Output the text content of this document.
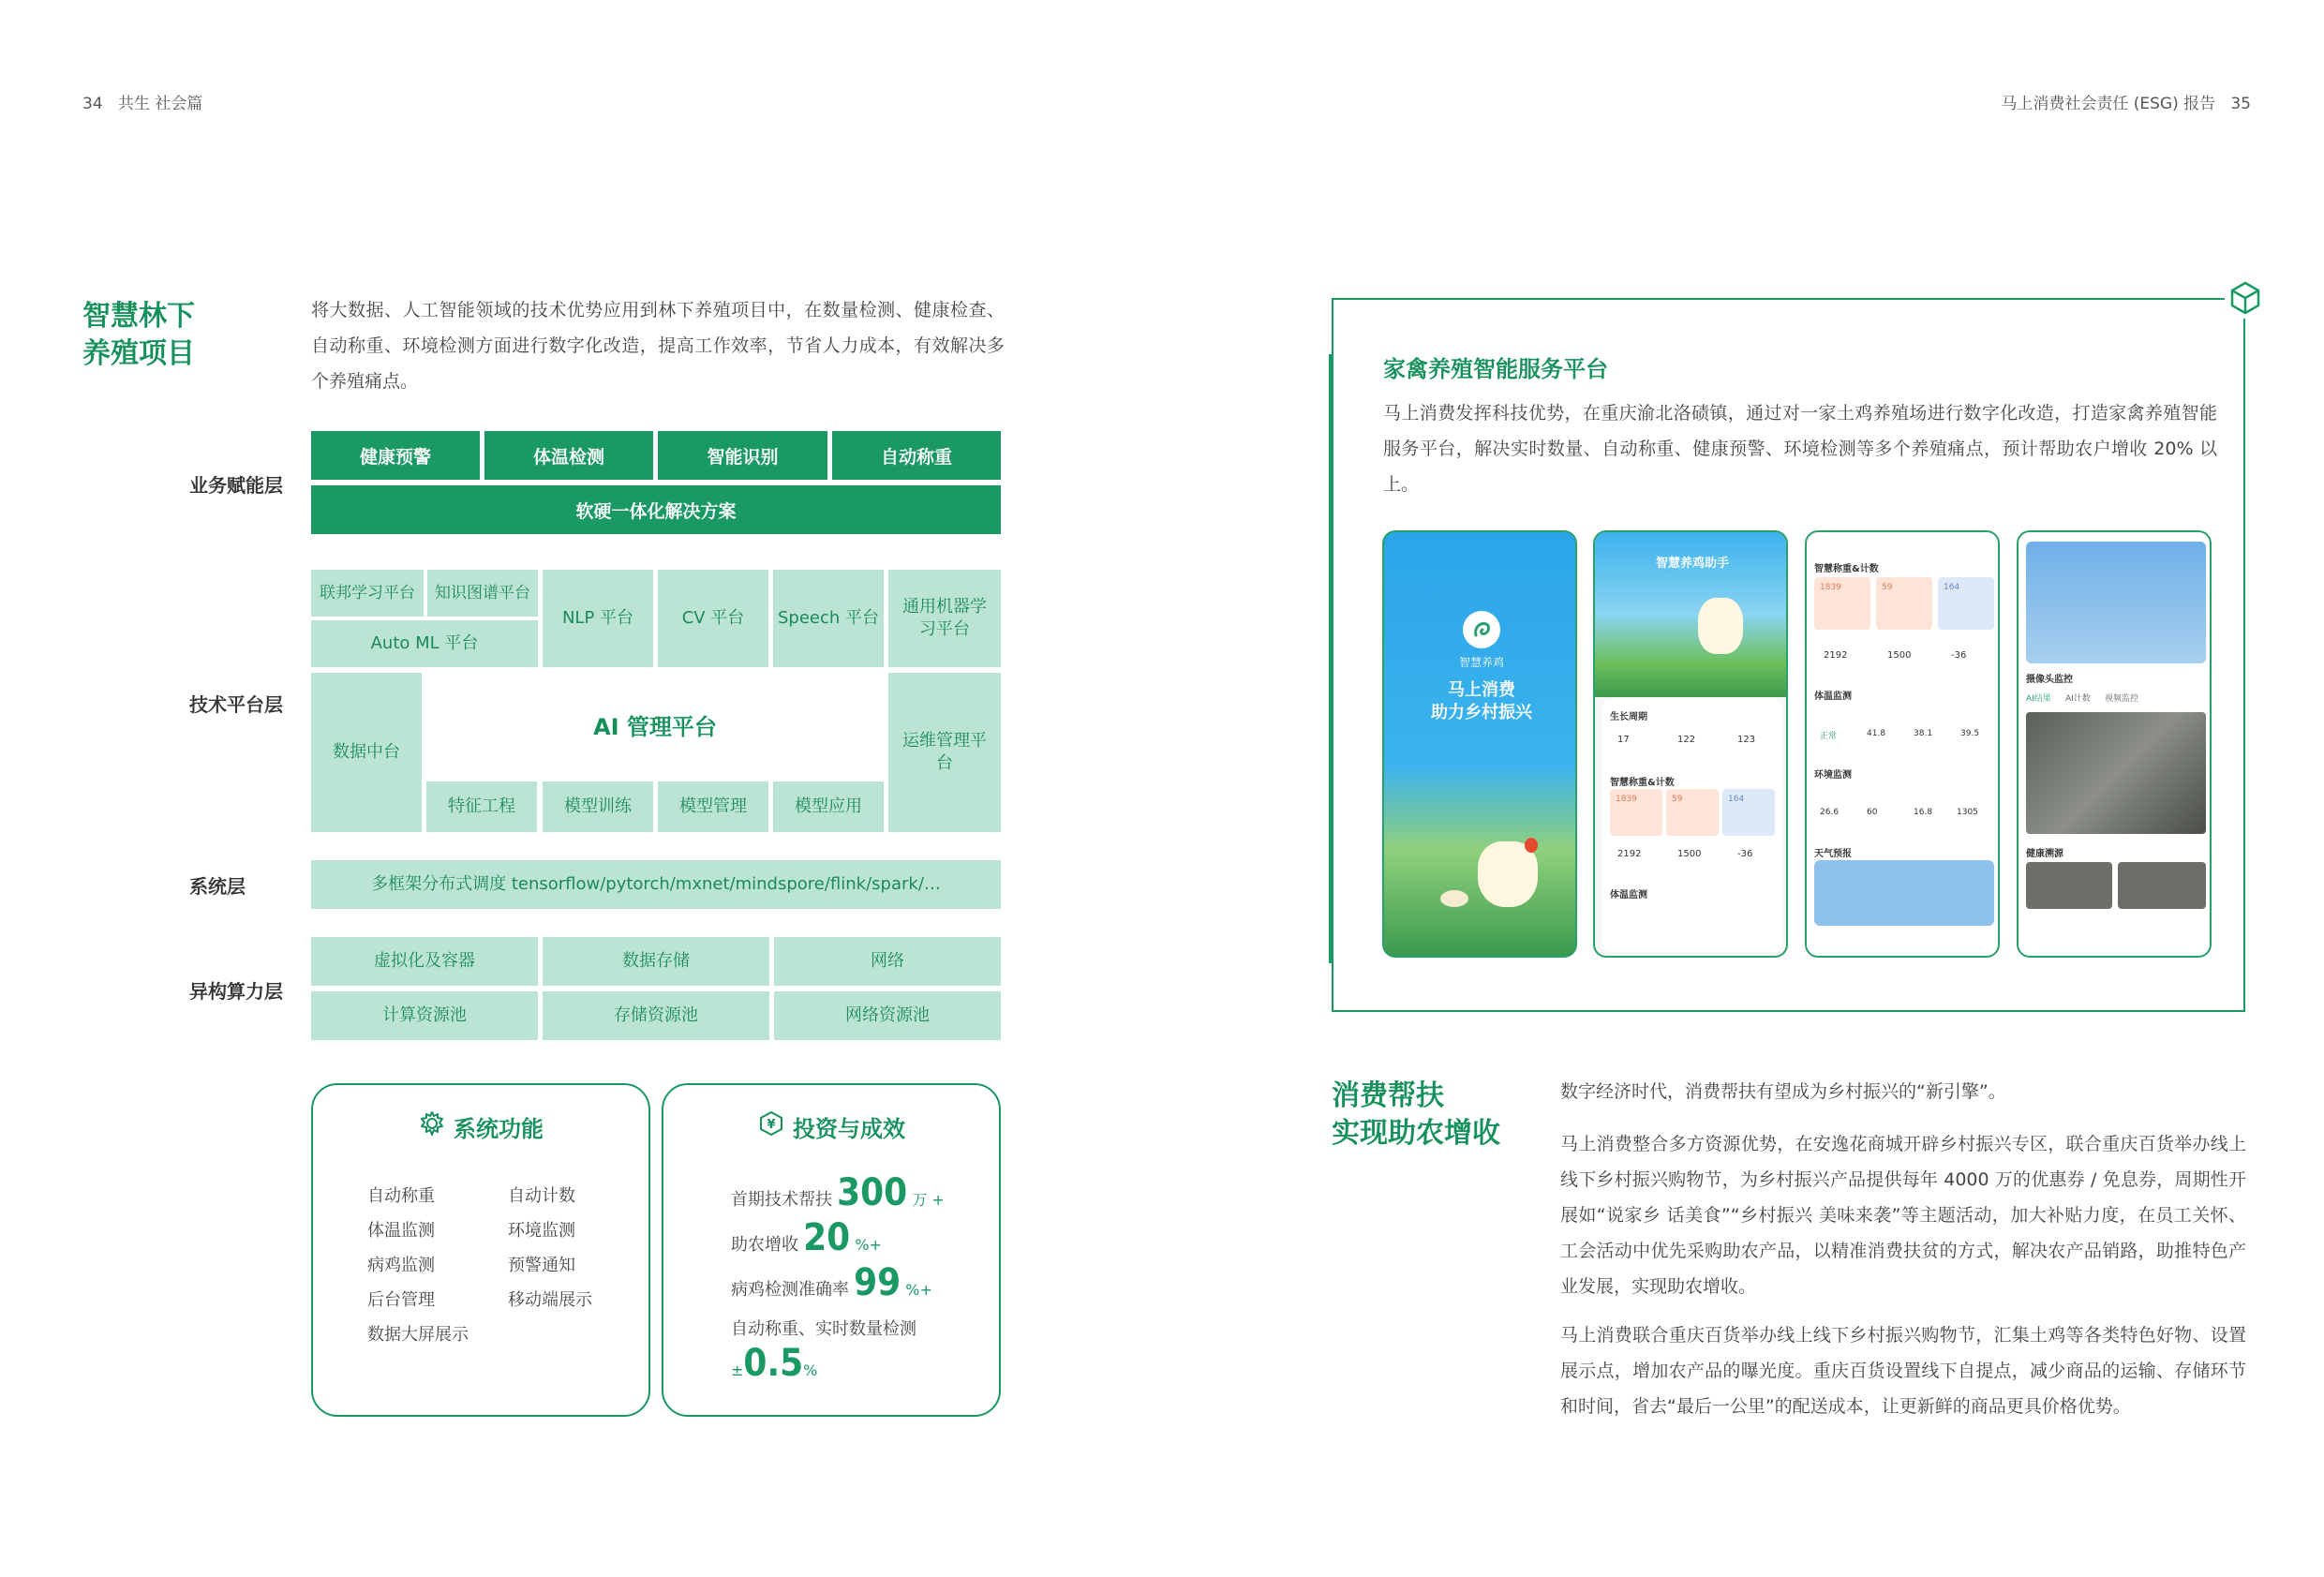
34 共生 社会篇	马上消费社会责任 (ESG) 报告 35
智慧林下
养殖项目
将大数据、人工智能领域的技术优势应用到林下养殖项目中，在数量检测、健康检查、自动称重、环境检测方面进行数字化改造，提高工作效率，节省人力成本，有效解决多个养殖痛点。
业务赋能层
技术平台层
系统层
异构算力层
健康预警	体温检测	智能识别	自动称重
软硬一体化解决方案
联邦学习平台	知识图谱平台
Auto ML 平台
NLP 平台	CV 平台	Speech 平台
通用机器学习平台
数据中台
AI 管理平台
运维管理平台
特征工程	模型训练	模型管理	模型应用
多框架分布式调度 tensorflow/pytorch/mxnet/mindspore/flink/spark/…
虚拟化及容器	数据存储	网络
计算资源池	存储资源池	网络资源池
系统功能
自动称重
体温监测
病鸡监测
后台管理
数据大屏展示
自动计数
环境监测
预警通知
移动端展示
¥ 投资与成效
首期技术帮扶 300 万 +
助农增收 20 %+
病鸡检测准确率 99 %+
自动称重、实时数量检测
±0.5%
家禽养殖智能服务平台
马上消费发挥科技优势，在重庆渝北洛碛镇，通过对一家土鸡养殖场进行数字化改造，打造家禽养殖智能服务平台，解决实时数量、自动称重、健康预警、环境检测等多个养殖痛点，预计帮助农户增收 20% 以上。
智慧养鸡
马上消费
助力乡村振兴
智慧养鸡助手
生长周期
17	122	123
智慧称重&计数
1839	59	164
2192	1500	-36
体温监测
智慧称重&计数
1839	59	164
2192	1500	-36
体温监测
正常	41.8	38.1	39.5
环境监测
26.6	60	16.8	1305
天气预报
摄像头监控
AI结果 AI计数 视频监控
健康溯源
消费帮扶
实现助农增收
数字经济时代，消费帮扶有望成为乡村振兴的“新引擎”。
马上消费整合多方资源优势，在安逸花商城开辟乡村振兴专区，联合重庆百货举办线上线下乡村振兴购物节，为乡村振兴产品提供每年 4000 万的优惠券 / 免息券，周期性开展如“说家乡 话美食”“乡村振兴 美味来袭”等主题活动，加大补贴力度，在员工关怀、工会活动中优先采购助农产品，以精准消费扶贫的方式，解决农产品销路，助推特色产业发展，实现助农增收。
马上消费联合重庆百货举办线上线下乡村振兴购物节，汇集土鸡等各类特色好物、设置展示点，增加农产品的曝光度。重庆百货设置线下自提点，减少商品的运输、存储环节和时间，省去“最后一公里”的配送成本，让更新鲜的商品更具价格优势。
